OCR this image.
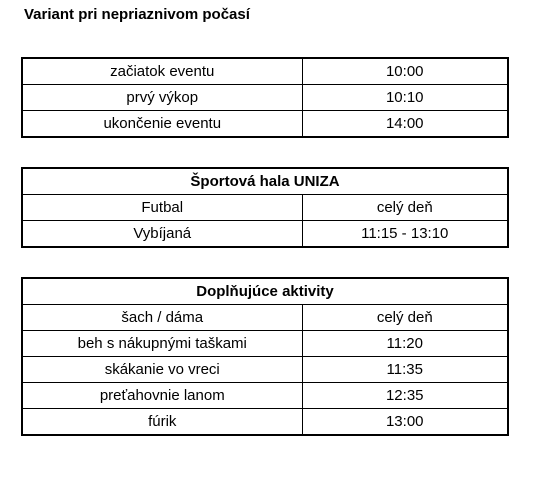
Variant pri nepriaznivom počasí
začiatok eventu	10:00
prvý výkop	10:10
ukončenie eventu	14:00
Športová hala UNIZA	
Futbal	celý deň
Vybíjaná	11:15 - 13:10
Doplňujúce aktivity	
šach / dáma	celý deň
beh s nákupnými taškami	11:20
skákanie vo vreci	11:35
preťahovnie lanom	12:35
fúrik	13:00
